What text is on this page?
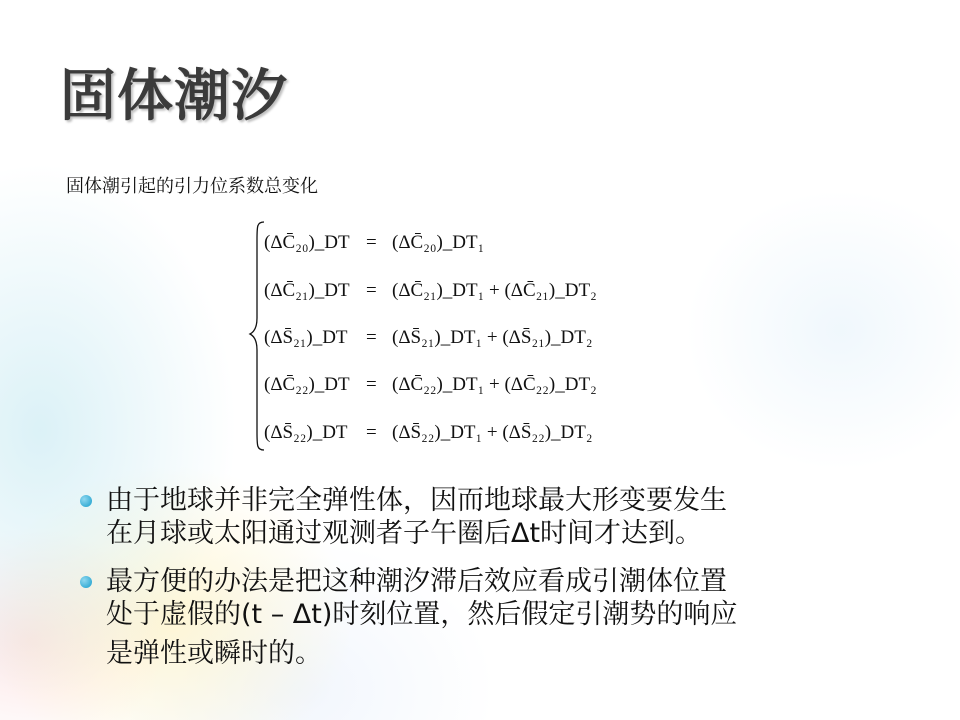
固体潮汐
固体潮引起的引力位系数总变化
(ΔC̄₂₀)_DT = (ΔC̄₂₀)_DT₁
(ΔC̄₂₁)_DT = (ΔC̄₂₁)_DT₁ + (ΔC̄₂₁)_DT₂
(ΔS̄₂₁)_DT = (ΔS̄₂₁)_DT₁ + (ΔS̄₂₁)_DT₂
(ΔC̄₂₂)_DT = (ΔC̄₂₂)_DT₁ + (ΔC̄₂₂)_DT₂
(ΔS̄₂₂)_DT = (ΔS̄₂₂)_DT₁ + (ΔS̄₂₂)_DT₂
由于地球并非完全弹性体，因而地球最大形变要发生
在月球或太阳通过观测者子午圈后Δt时间才达到。
最方便的办法是把这种潮汐滞后效应看成引潮体位置
处于虚假的(t – Δt)时刻位置，然后假定引潮势的响应
是弹性或瞬时的。
